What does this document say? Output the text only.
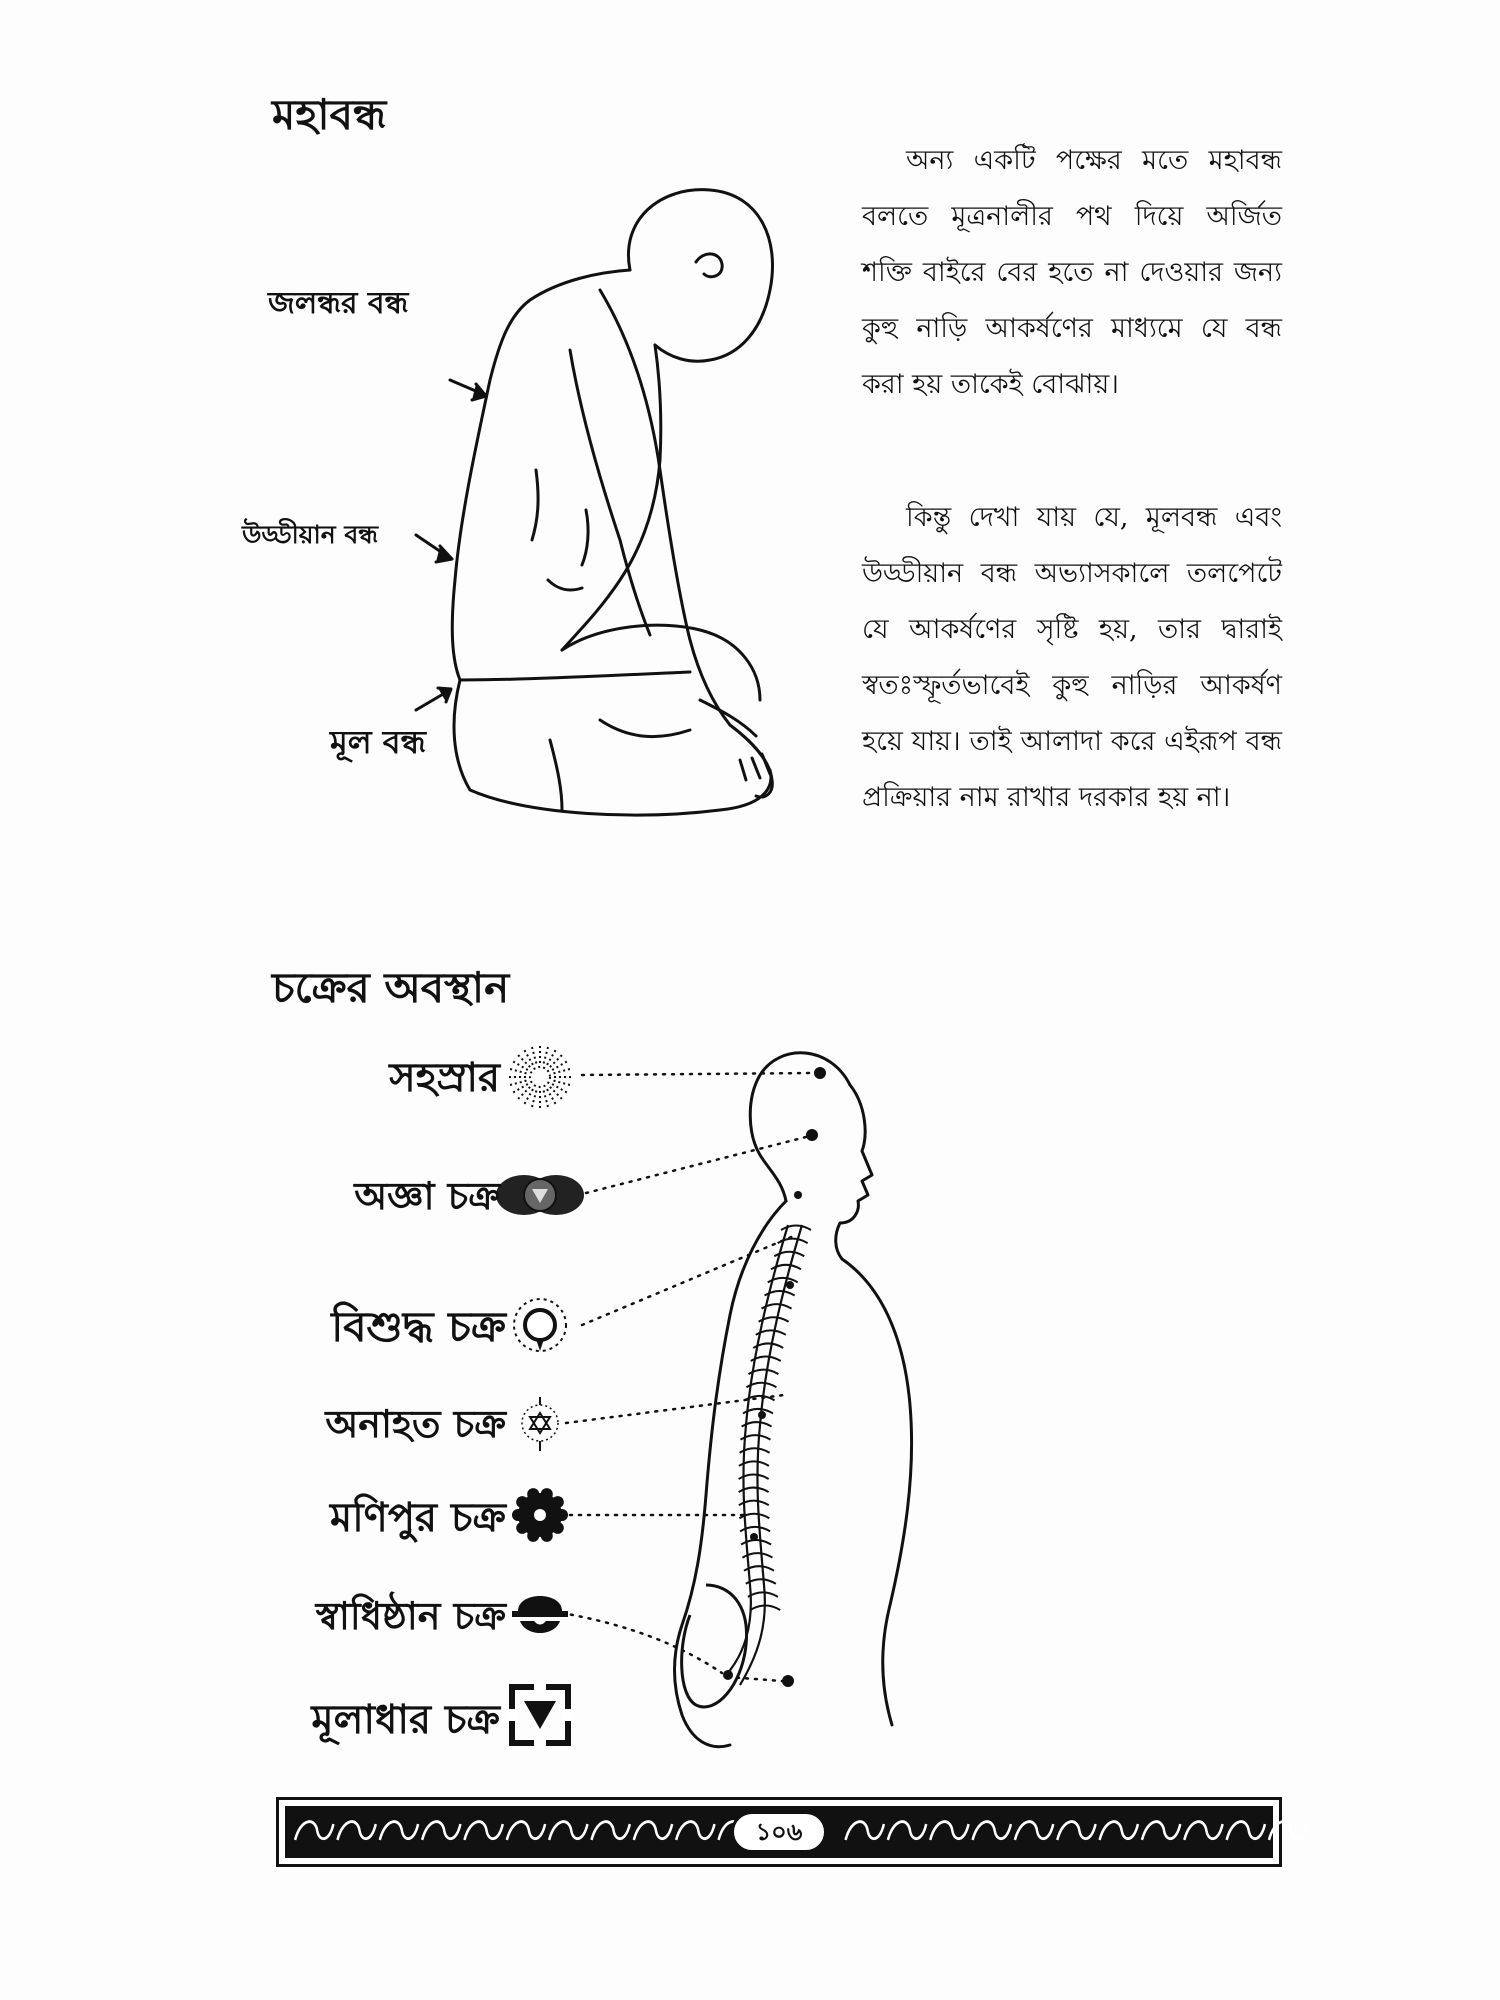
মহাবন্ধ
জলন্ধর বন্ধ
উড্ডীয়ান বন্ধ
মূল বন্ধ

অন্য একটি পক্ষের মতে মহাবন্ধ বলতে মূত্রনালীর পথ দিয়ে অর্জিত শক্তি বাইরে বের হতে না দেওয়ার জন্য কুহু নাড়ি আকর্ষণের মাধ্যমে যে বন্ধ করা হয় তাকেই বোঝায়।

কিন্তু দেখা যায় যে, মূলবন্ধ এবং উড্ডীয়ান বন্ধ অভ্যাসকালে তলপেটে যে আকর্ষণের সৃষ্টি হয়, তার দ্বারাই স্বতঃস্ফূর্তভাবেই কুহু নাড়ির আকর্ষণ হয়ে যায়। তাই আলাদা করে এইরূপ বন্ধ প্রক্রিয়ার নাম রাখার দরকার হয় না।

চক্রের অবস্থান
সহস্রার
অজ্ঞা চক্র
বিশুদ্ধ চক্র
অনাহত চক্র
মণিপুর চক্র
স্বাধিষ্ঠান চক্র
মূলাধার চক্র
১০৬
